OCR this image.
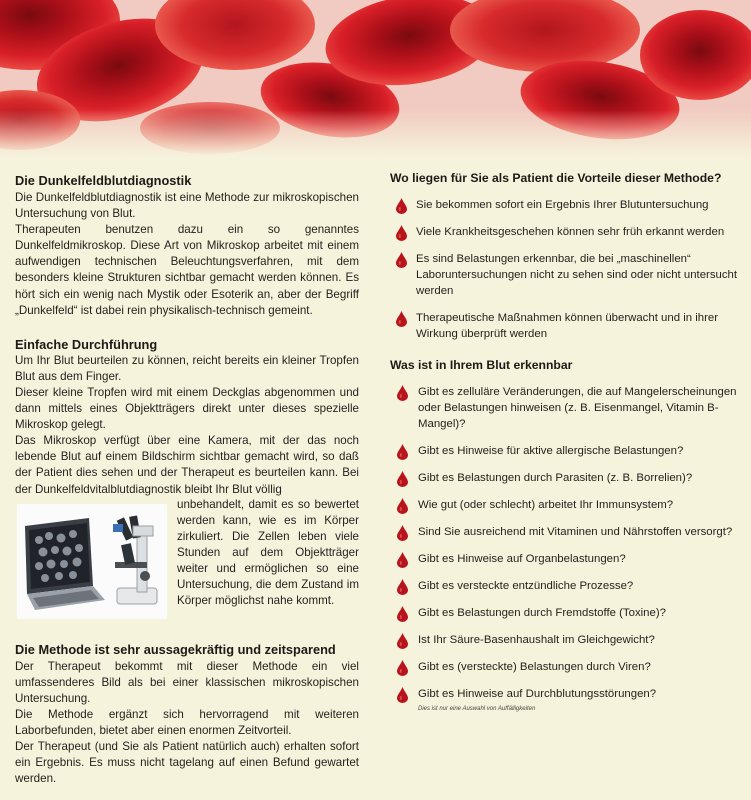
Die Dunkelfeldblutdiagnostik

Die Dunkelfeldblutdiagnostik ist eine Methode zur mikroskopischen Untersuchung von Blut.

Therapeuten benutzen dazu ein so genanntes Dunkelfeldmikroskop. Diese Art von Mikroskop arbeitet mit einem aufwendigen technischen Beleuchtungsverfahren, mit dem besonders kleine Strukturen sichtbar gemacht werden können. Es hört sich ein wenig nach Mystik oder Esoterik an, aber der Begriff „Dunkelfeld“ ist dabei rein physikalisch-technisch gemeint.

Einfache Durchführung

Um Ihr Blut beurteilen zu können, reicht bereits ein kleiner Tropfen Blut aus dem Finger.

Dieser kleine Tropfen wird mit einem Deckglas abgenommen und dann mittels eines Objektträgers direkt unter dieses spezielle Mikroskop gelegt.

Das Mikroskop verfügt über eine Kamera, mit der das noch lebende Blut auf einem Bildschirm sichtbar gemacht wird, so daß der Patient dies sehen und der Therapeut es beurteilen kann. Bei der Dunkelfeldvitalblutdiagnostik bleibt Ihr Blut völlig

unbehandelt, damit es so bewertet werden kann, wie es im Körper zirkuliert. Die Zellen leben viele Stunden auf dem Objektträger weiter und ermöglichen so eine Untersuchung, die dem Zustand im Körper möglichst nahe kommt.

Die Methode ist sehr aussagekräftig und zeitsparend

Der Therapeut bekommt mit dieser Methode ein viel umfassenderes Bild als bei einer klassischen mikroskopischen Untersuchung.

Die Methode ergänzt sich hervorragend mit weiteren Laborbefunden, bietet aber einen enormen Zeitvorteil.

Der Therapeut (und Sie als Patient natürlich auch) erhalten sofort ein Ergebnis. Es muss nicht tagelang auf einen Befund gewartet werden.

Wo liegen für Sie als Patient die Vorteile dieser Methode?
Sie bekommen sofort ein Ergebnis Ihrer Blutuntersuchung
Viele Krankheitsgeschehen können sehr früh erkannt werden
Es sind Belastungen erkennbar, die bei „maschinellen“ Laboruntersuchungen nicht zu sehen sind oder nicht untersucht werden
Therapeutische Maßnahmen können überwacht und in ihrer Wirkung überprüft werden
Was ist in Ihrem Blut erkennbar
Gibt es zelluläre Veränderungen, die auf Mangelerscheinungen oder Belastungen hinweisen (z. B. Eisenmangel, Vitamin B-Mangel)?
Gibt es Hinweise für aktive allergische Belastungen?
Gibt es Belastungen durch Parasiten (z. B. Borrelien)?
Wie gut (oder schlecht) arbeitet Ihr Immunsystem?
Sind Sie ausreichend mit Vitaminen und Nährstoffen versorgt?
Gibt es Hinweise auf Organbelastungen?
Gibt es versteckte entzündliche Prozesse?
Gibt es Belastungen durch Fremdstoffe (Toxine)?
Ist Ihr Säure-Basenhaushalt im Gleichgewicht?
Gibt es (versteckte) Belastungen durch Viren?
Gibt es Hinweise auf Durchblutungsstörungen?
Dies ist nur eine Auswahl von Auffälligkeiten
